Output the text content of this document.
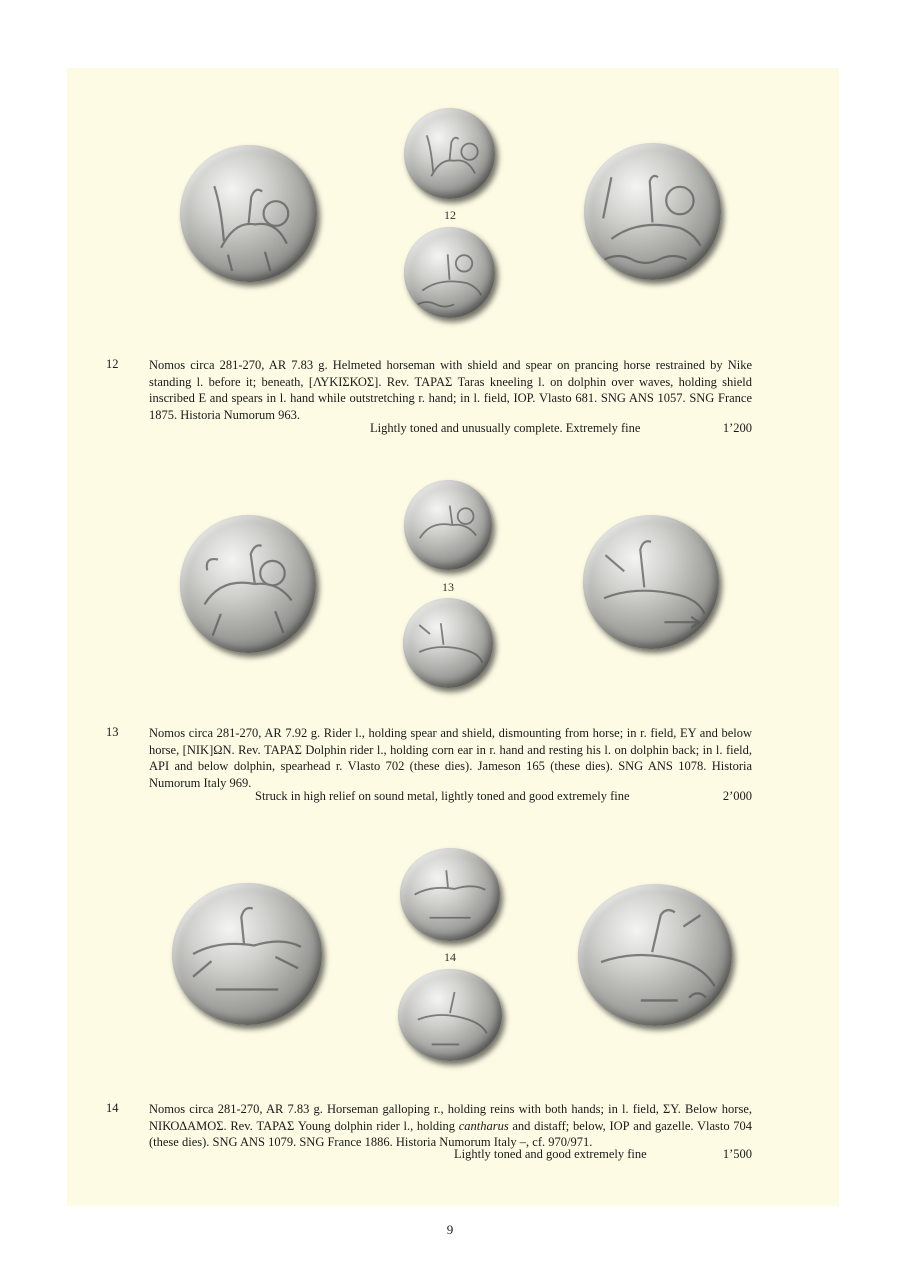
12
12 Nomos circa 281-270, AR 7.83 g. Helmeted horseman with shield and spear on prancing horse restrained by Nike standing l. before it; beneath, [ΛΥΚΙΣΚΟΣ]. Rev. ΤΑΡΑΣ Taras kneeling l. on dolphin over waves, holding shield inscribed E and spears in l. hand while outstretching r. hand; in l. field, ΙΟΡ. Vlasto 681. SNG ANS 1057. SNG France 1875. Historia Numorum 963.

Lightly toned and unusually complete. Extremely fine	1’200
13
13 Nomos circa 281-270, AR 7.92 g. Rider l., holding spear and shield, dismounting from horse; in r. field, EY and below horse, [ΝΙΚ]ΩΝ. Rev. ΤΑΡΑΣ Dolphin rider l., holding corn ear in r. hand and resting his l. on dolphin back; in l. field, ΑΡΙ and below dolphin, spearhead r. Vlasto 702 (these dies). Jameson 165 (these dies). SNG ANS 1078. Historia Numorum Italy 969.

Struck in high relief on sound metal, lightly toned and good extremely fine	2’000
14
14 Nomos circa 281-270, AR 7.83 g. Horseman galloping r., holding reins with both hands; in l. field, ΣΥ. Below horse, ΝΙΚΟΔΑΜΟΣ. Rev. ΤΑΡΑΣ Young dolphin rider l., holding cantharus and distaff; below, ΙΟΡ and gazelle. Vlasto 704 (these dies). SNG ANS 1079. SNG France 1886. Historia Numorum Italy –, cf. 970/971.

Lightly toned and good extremely fine	1’500
9
